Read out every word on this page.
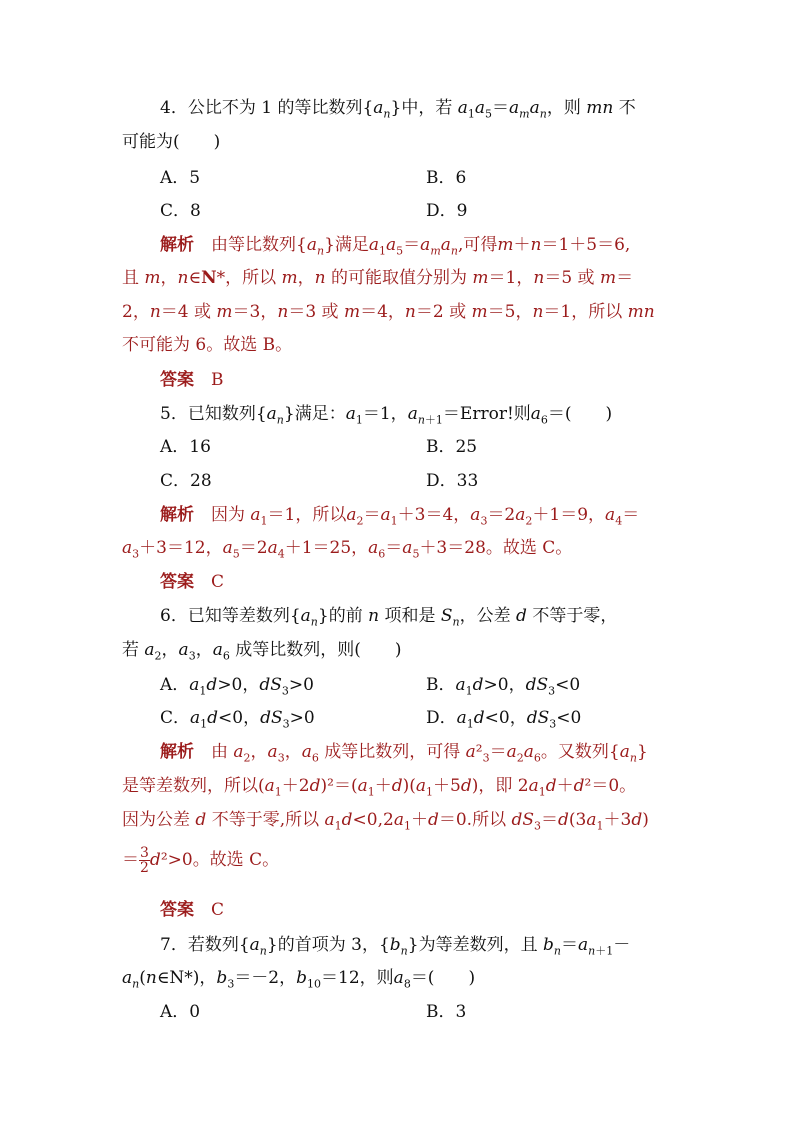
4．公比不为 1 的等比数列$\{a_n\}$中，若 $a_1a_5=a_ma_n$，则 mn 不
可能为(　　)
A．5	B．6
C．8	D．9
解析　 由等比数列$\{a_n\}$满足$a_1a_5=a_ma_n$,可得m＋n＝1＋5＝6,
且 m，n∈N*，所以 m，n 的可能取值分别为 m＝1，n＝5 或 m＝
2，n＝4 或 m＝3，n＝3 或 m＝4，n＝2 或 m＝5，n＝1，所以 mn
不可能为 6。故选 B。
答案　 B
5．已知数列$\{a_n\}$满足：$a_1=1$，$a_{n+1}=Error$!则$a_6=$(　　)
A．16	B．25
C．28	D．33
解析　 因为 $a_1=1$，所以$a_2=a_1+3=4$，$a_3=2a_2+1=9$，$a_4=$
$a_3+3=12$，$a_5=2a_4+1=25$，$a_6=a_5+3=28$。故选 C。
答案　 C
6．已知等差数列$\{a_n\}$的前 n 项和是 $S_n$，公差 d 不等于零，
若 $a_2$，$a_3$，$a_6$ 成等比数列，则(　　)
A．$a_1d>0$，$dS_3>0$	B．$a_1d>0$，$dS_3<0$
C．$a_1d<0$，$dS_3>0$	D．$a_1d<0$，$dS_3<0$
解析　 由 $a_2$，$a_3$，$a_6$ 成等比数列，可得 $a^2_3=a_2a_6$。又数列$\{a_n\}$
是等差数列，所以$(a_1+2d)^2=(a_1+d)(a_1+5d)$，即 $2a_1d+d^2=0$。
因为公差 d 不等于零,所以 $a_1d<0,2a_1+d=0$.所以 $dS_3=d(3a_1+3d)$
＝ $\frac{3}{2} d^2>0$。故选 C。
答案　 C
7．若数列$\{a_n\}$的首项为 3，$\{b_n\}$为等差数列，且 $b_n=a_{n+1}-$
$a_n(n\in N*)$，$b_3=-2$，$b_{10}=12$，则$a_8=$(　　)
A．0	B．3
